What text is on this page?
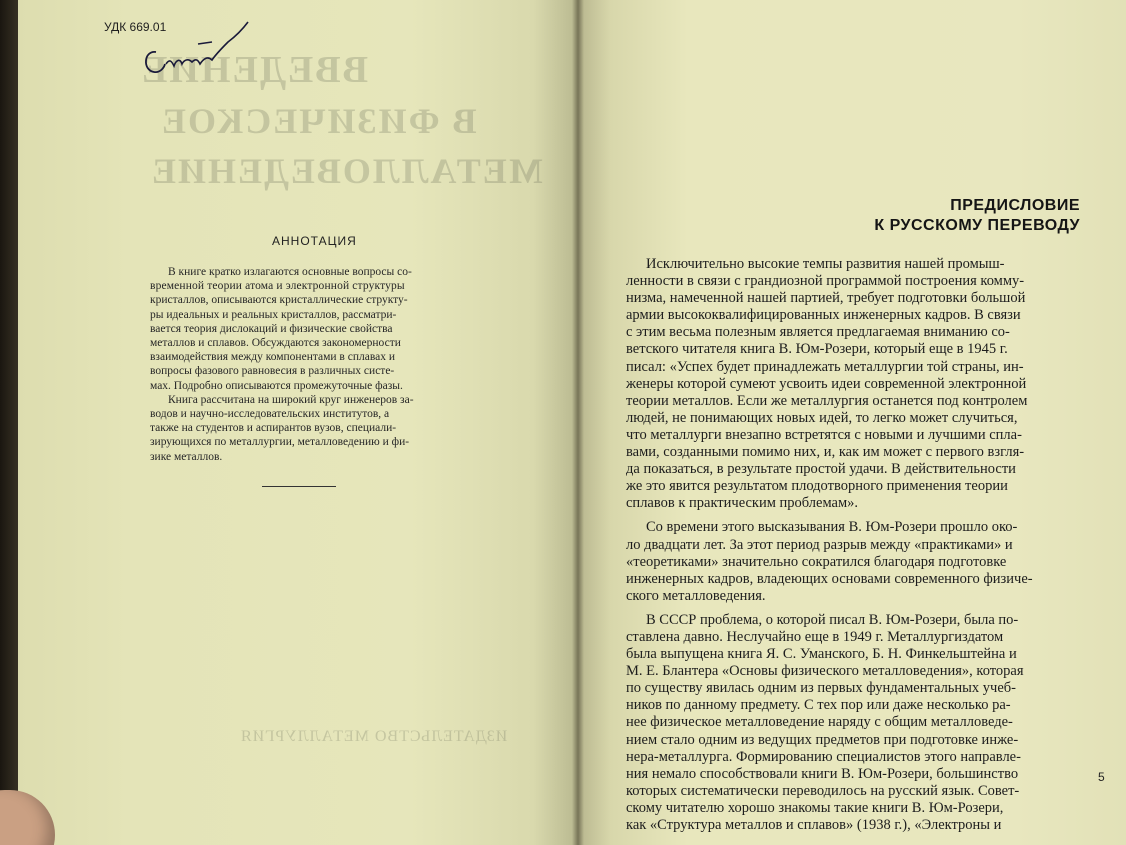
ВВЕДЕНИЕ
В ФИЗИЧЕСКОЕ
МЕТАЛЛОВЕДЕНИЕ
ИЗДАТЕЛЬСТВО МЕТАЛЛУРГИЯ
УДК 669.01
АННОТАЦИЯ
В книге кратко излагаются основные вопросы со-
временной теории атома и электронной структуры
кристаллов, описываются кристаллические структу-
ры идеальных и реальных кристаллов, рассматри-
вается теория дислокаций и физические свойства
металлов и сплавов. Обсуждаются закономерности
взаимодействия между компонентами в сплавах и
вопросы фазового равновесия в различных систе-
мах. Подробно описываются промежуточные фазы.
Книга рассчитана на широкий круг инженеров за-
водов и научно-исследовательских институтов, а
также на студентов и аспирантов вузов, специали-
зирующихся по металлургии, металловедению и фи-
зике металлов.
ПРЕДИСЛОВИЕ
К РУССКОМУ ПЕРЕВОДУ
Исключительно высокие темпы развития нашей промыш-
ленности в связи с грандиозной программой построения комму-
низма, намеченной нашей партией, требует подготовки большой
армии высококвалифицированных инженерных кадров. В связи
с этим весьма полезным является предлагаемая вниманию со-
ветского читателя книга В. Юм-Розери, который еще в 1945 г.
писал: «Успех будет принадлежать металлургии той страны, ин-
женеры которой сумеют усвоить идеи современной электронной
теории металлов. Если же металлургия останется под контролем
людей, не понимающих новых идей, то легко может случиться,
что металлурги внезапно встретятся с новыми и лучшими спла-
вами, созданными помимо них, и, как им может с первого взгля-
да показаться, в результате простой удачи. В действительности
же это явится результатом плодотворного применения теории
сплавов к практическим проблемам».
Со времени этого высказывания В. Юм-Розери прошло око-
ло двадцати лет. За этот период разрыв между «практиками» и
«теоретиками» значительно сократился благодаря подготовке
инженерных кадров, владеющих основами современного физиче-
ского металловедения.
В СССР проблема, о которой писал В. Юм-Розери, была по-
ставлена давно. Неслучайно еще в 1949 г. Металлургиздатом
была выпущена книга Я. С. Уманского, Б. Н. Финкельштейна и
М. Е. Блантера «Основы физического металловедения», которая
по существу явилась одним из первых фундаментальных учеб-
ников по данному предмету. С тех пор или даже несколько ра-
нее физическое металловедение наряду с общим металловеде-
нием стало одним из ведущих предметов при подготовке инже-
нера-металлурга. Формированию специалистов этого направле-
ния немало способствовали книги В. Юм-Розери, большинство
которых систематически переводилось на русский язык. Совет-
скому читателю хорошо знакомы такие книги В. Юм-Розери,
как «Структура металлов и сплавов» (1938 г.), «Электроны и
5
